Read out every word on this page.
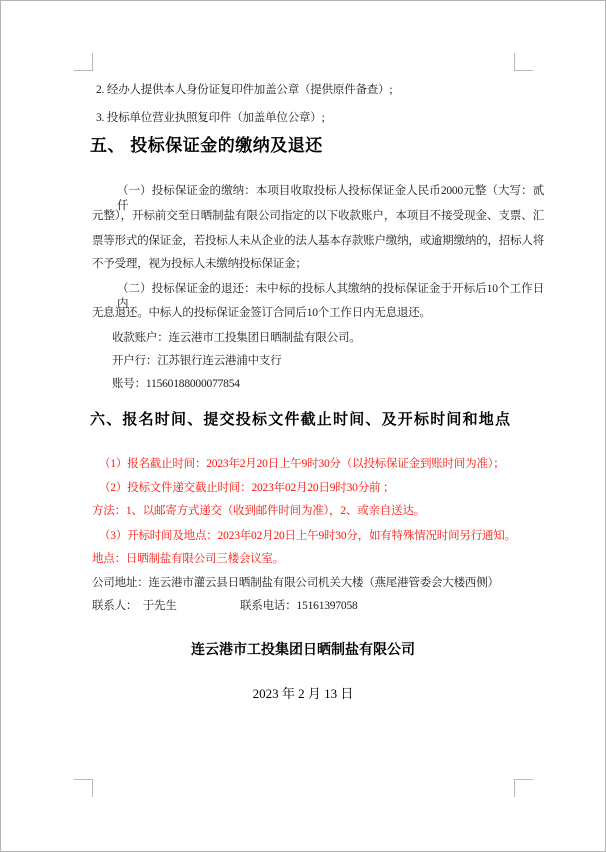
2. 经办人提供本人身份证复印件加盖公章（提供原件备查）;
3. 投标单位营业执照复印件（加盖单位公章）;
五、 投标保证金的缴纳及退还
（一）投标保证金的缴纳：本项目收取投标人投标保证金人民币2000元整（大写：贰仟
元整），开标前交至日晒制盐有限公司指定的以下收款账户，本项目不接受现金、支票、汇
票等形式的保证金，若投标人未从企业的法人基本存款账户缴纳，或逾期缴纳的，招标人将
不予受理，视为投标人未缴纳投标保证金；
（二）投标保证金的退还：未中标的投标人其缴纳的投标保证金于开标后10个工作日内
无息退还。中标人的投标保证金签订合同后10个工作日内无息退还。
收款账户：连云港市工投集团日晒制盐有限公司。
开户行：江苏银行连云港浦中支行
账号：11560188000077854
六、报名时间、提交投标文件截止时间、及开标时间和地点
（1）报名截止时间：2023年2月20日上午9时30分（以投标保证金到账时间为准）；
（2）投标文件递交截止时间：2023年02月20日9时30分前 ；
方法：1、以邮寄方式递交（收到邮件时间为准），2、或亲自送达。
（3）开标时间及地点：2023年02月20日上午9时30分，如有特殊情况时间另行通知。
地点：日晒制盐有限公司三楼会议室。
公司地址：连云港市灌云县日晒制盐有限公司机关大楼（燕尾港管委会大楼西侧）
联系人：　于先生	联系电话：15161397058
连云港市工投集团日晒制盐有限公司
2023 年 2 月 13 日
